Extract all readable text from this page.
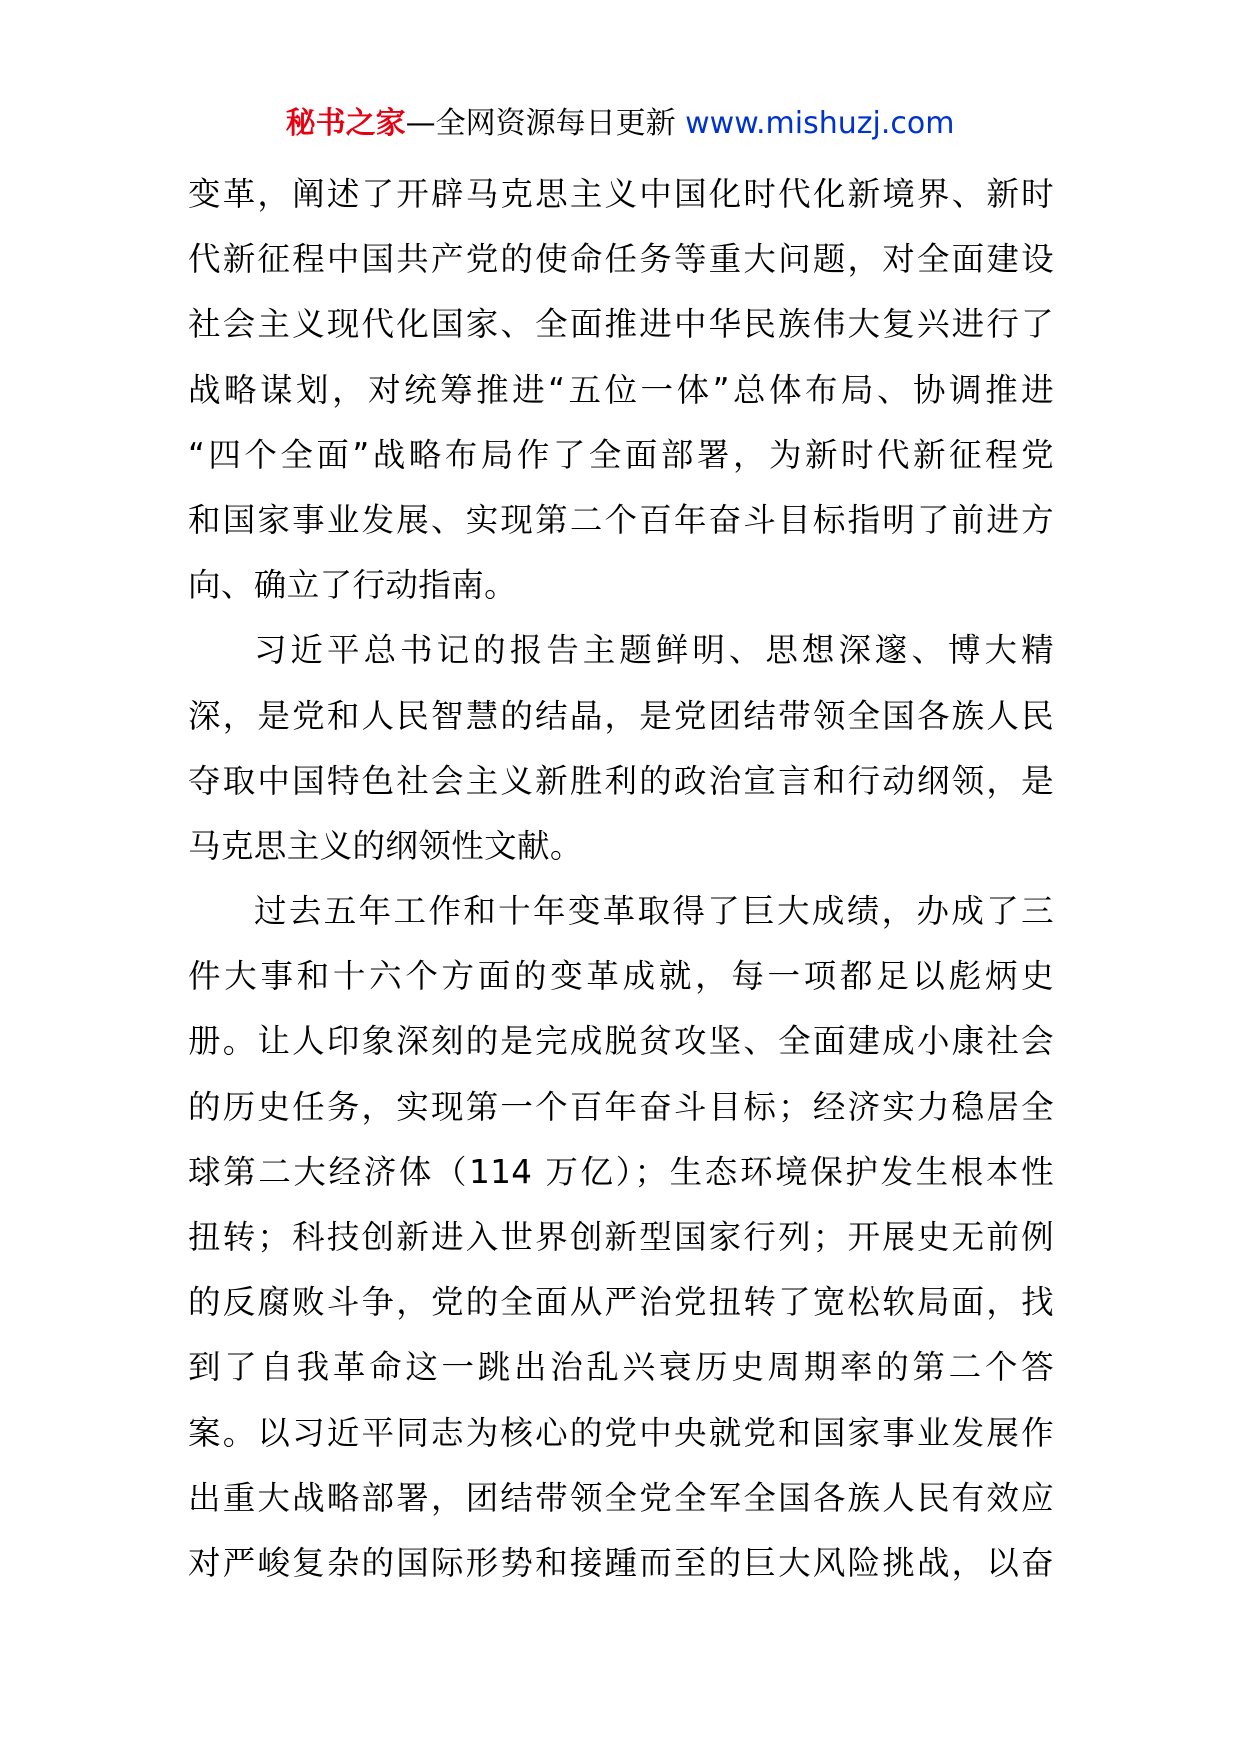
秘书之家—全网资源每日更新 www.mishuzj.com
变革，阐述了开辟马克思主义中国化时代化新境界、新时
代新征程中国共产党的使命任务等重大问题，对全面建设
社会主义现代化国家、全面推进中华民族伟大复兴进行了
战略谋划，对统筹推进“五位一体”总体布局、协调推进
“四个全面”战略布局作了全面部署，为新时代新征程党
和国家事业发展、实现第二个百年奋斗目标指明了前进方
向、确立了行动指南。
习近平总书记的报告主题鲜明、思想深邃、博大精
深，是党和人民智慧的结晶，是党团结带领全国各族人民
夺取中国特色社会主义新胜利的政治宣言和行动纲领，是
马克思主义的纲领性文献。
过去五年工作和十年变革取得了巨大成绩，办成了三
件大事和十六个方面的变革成就，每一项都足以彪炳史
册。让人印象深刻的是完成脱贫攻坚、全面建成小康社会
的历史任务，实现第一个百年奋斗目标；经济实力稳居全
球第二大经济体（114 万亿）；生态环境保护发生根本性
扭转；科技创新进入世界创新型国家行列；开展史无前例
的反腐败斗争，党的全面从严治党扭转了宽松软局面，找
到了自我革命这一跳出治乱兴衰历史周期率的第二个答
案。以习近平同志为核心的党中央就党和国家事业发展作
出重大战略部署，团结带领全党全军全国各族人民有效应
对严峻复杂的国际形势和接踵而至的巨大风险挑战，以奋
